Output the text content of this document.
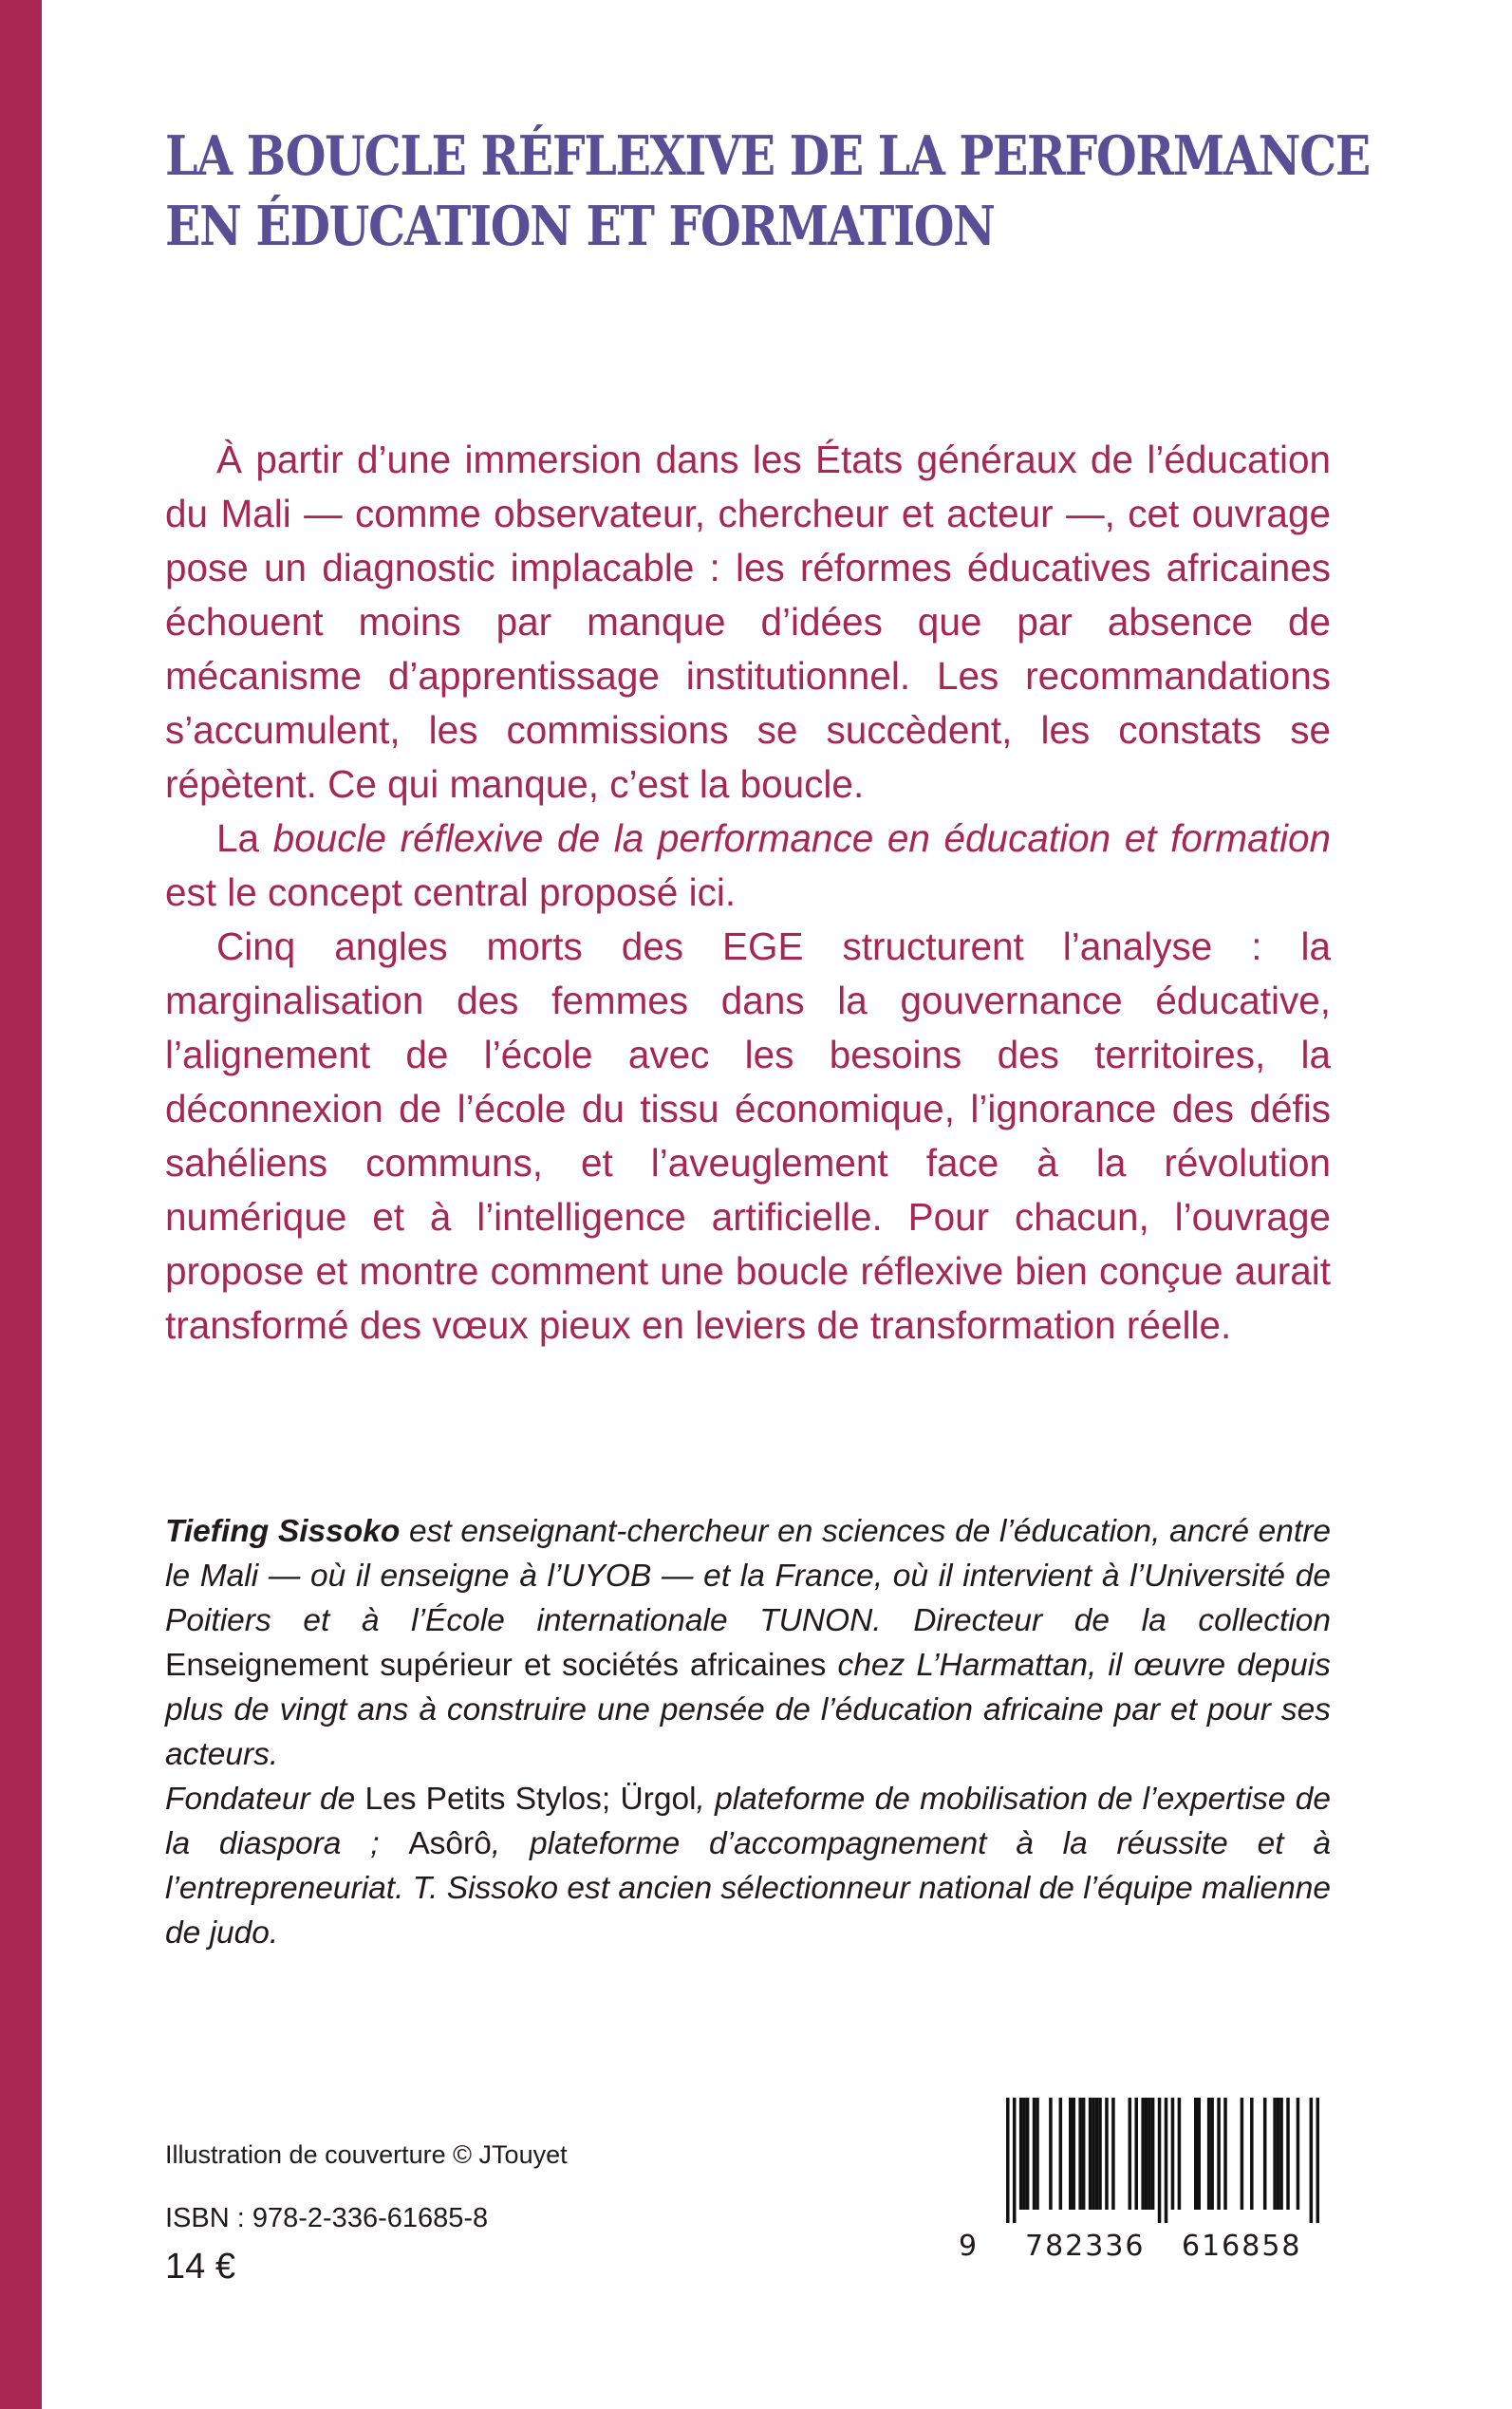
LA BOUCLE RÉFLEXIVE DE LA PERFORMANCE
EN ÉDUCATION ET FORMATION

À partir d’une immersion dans les États généraux de l’éducation du Mali — comme observateur, chercheur et acteur —, cet ouvrage pose un diagnostic implacable : les réformes éducatives africaines échouent moins par manque d’idées que par absence de mécanisme d’apprentissage institutionnel. Les recommandations s’accumulent, les commissions se succèdent, les constats se répètent. Ce qui manque, c’est la boucle.

La boucle réflexive de la performance en éducation et formation est le concept central proposé ici.

Cinq angles morts des EGE structurent l’analyse : la marginalisation des femmes dans la gouvernance éducative, l’alignement de l’école avec les besoins des territoires, la déconnexion de l’école du tissu économique, l’ignorance des défis sahéliens communs, et l’aveuglement face à la révolution numérique et à l’intelligence artificielle. Pour chacun, l’ouvrage propose et montre comment une boucle réflexive bien conçue aurait transformé des vœux pieux en leviers de transformation réelle.

Tiefing Sissoko est enseignant-chercheur en sciences de l’éducation, ancré entre le Mali — où il enseigne à l’UYOB — et la France, où il intervient à l’Université de Poitiers et à l’École internationale TUNON. Directeur de la collection Enseignement supérieur et sociétés africaines chez L’Harmattan, il œuvre depuis plus de vingt ans à construire une pensée de l’éducation africaine par et pour ses acteurs.

Fondateur de Les Petits Stylos; Ürgol, plateforme de mobilisation de l’expertise de la diaspora ; Asôrô, plateforme d’accompagnement à la réussite et à l’entrepreneuriat. T. Sissoko est ancien sélectionneur national de l’équipe malienne de judo.

Illustration de couverture © JTouyet
ISBN : 978-2-336-61685-8
14 €
9 782336 616858
